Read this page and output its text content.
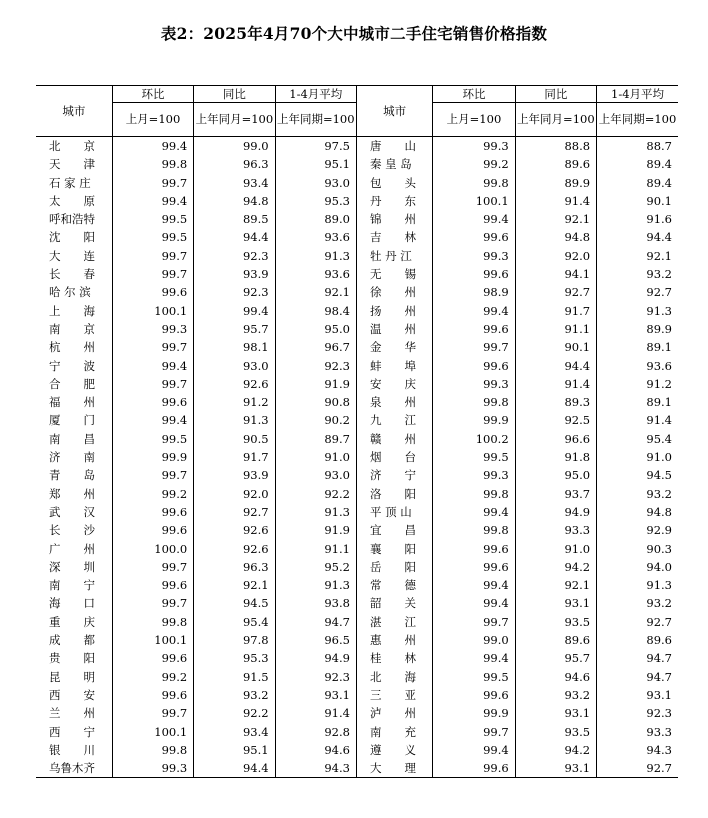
表2：2025年4月70个大中城市二手住宅销售价格指数
城市	环比	同比	1-4月平均	城市	环比	同比	1-4月平均
	上月=100	上年同月=100	上年同期=100		上月=100	上年同月=100	上年同期=100
北　　京	99.4	99.0	97.5	唐　　山	99.3	88.8	88.7
天　　津	99.8	96.3	95.1	秦 皇 岛	99.2	89.6	89.4
石 家 庄	99.7	93.4	93.0	包　　头	99.8	89.9	89.4
太　　原	99.4	94.8	95.3	丹　　东	100.1	91.4	90.1
呼和浩特	99.5	89.5	89.0	锦　　州	99.4	92.1	91.6
沈　　阳	99.5	94.4	93.6	吉　　林	99.6	94.8	94.4
大　　连	99.7	92.3	91.3	牡 丹 江	99.3	92.0	92.1
长　　春	99.7	93.9	93.6	无　　锡	99.6	94.1	93.2
哈 尔 滨	99.6	92.3	92.1	徐　　州	98.9	92.7	92.7
上　　海	100.1	99.4	98.4	扬　　州	99.4	91.7	91.3
南　　京	99.3	95.7	95.0	温　　州	99.6	91.1	89.9
杭　　州	99.7	98.1	96.7	金　　华	99.7	90.1	89.1
宁　　波	99.4	93.0	92.3	蚌　　埠	99.6	94.4	93.6
合　　肥	99.7	92.6	91.9	安　　庆	99.3	91.4	91.2
福　　州	99.6	91.2	90.8	泉　　州	99.8	89.3	89.1
厦　　门	99.4	91.3	90.2	九　　江	99.9	92.5	91.4
南　　昌	99.5	90.5	89.7	赣　　州	100.2	96.6	95.4
济　　南	99.9	91.7	91.0	烟　　台	99.5	91.8	91.0
青　　岛	99.7	93.9	93.0	济　　宁	99.3	95.0	94.5
郑　　州	99.2	92.0	92.2	洛　　阳	99.8	93.7	93.2
武　　汉	99.6	92.7	91.3	平 顶 山	99.4	94.9	94.8
长　　沙	99.6	92.6	91.9	宜　　昌	99.8	93.3	92.9
广　　州	100.0	92.6	91.1	襄　　阳	99.6	91.0	90.3
深　　圳	99.7	96.3	95.2	岳　　阳	99.6	94.2	94.0
南　　宁	99.6	92.1	91.3	常　　德	99.4	92.1	91.3
海　　口	99.7	94.5	93.8	韶　　关	99.4	93.1	93.2
重　　庆	99.8	95.4	94.7	湛　　江	99.7	93.5	92.7
成　　都	100.1	97.8	96.5	惠　　州	99.0	89.6	89.6
贵　　阳	99.6	95.3	94.9	桂　　林	99.4	95.7	94.7
昆　　明	99.2	91.5	92.3	北　　海	99.5	94.6	94.7
西　　安	99.6	93.2	93.1	三　　亚	99.6	93.2	93.1
兰　　州	99.7	92.2	91.4	泸　　州	99.9	93.1	92.3
西　　宁	100.1	93.4	92.8	南　　充	99.7	93.5	93.3
银　　川	99.8	95.1	94.6	遵　　义	99.4	94.2	94.3
乌鲁木齐	99.3	94.4	94.3	大　　理	99.6	93.1	92.7
